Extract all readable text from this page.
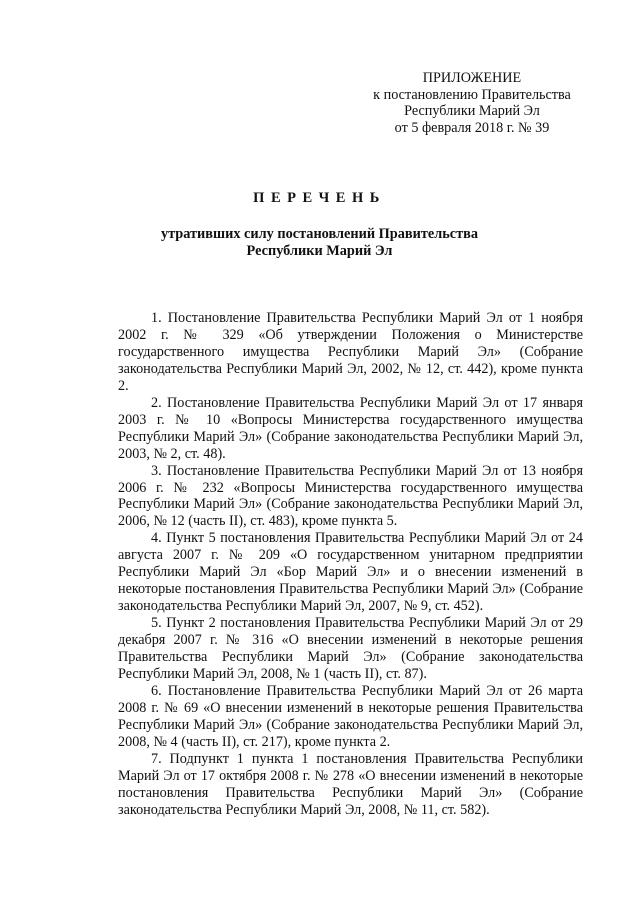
ПРИЛОЖЕНИЕ
к постановлению Правительства
Республики Марий Эл
от 5 февраля 2018 г. № 39
ПЕРЕЧЕНЬ
утративших силу постановлений Правительства
Республики Марий Эл

1. Постановление Правительства Республики Марий Эл от 1 ноября 2002 г. № 329 «Об утверждении Положения о Министерстве государственного имущества Республики Марий Эл» (Собрание законодательства Республики Марий Эл, 2002, № 12, ст. 442), кроме пункта 2.

2. Постановление Правительства Республики Марий Эл от 17 января 2003 г. № 10 «Вопросы Министерства государственного имущества Республики Марий Эл» (Собрание законодательства Республики Марий Эл, 2003, № 2, ст. 48).

3. Постановление Правительства Республики Марий Эл от 13 ноября 2006 г. № 232 «Вопросы Министерства государственного имущества Республики Марий Эл» (Собрание законодательства Республики Марий Эл, 2006, № 12 (часть II), ст. 483), кроме пункта 5.

4. Пункт 5 постановления Правительства Республики Марий Эл от 24 августа 2007 г. № 209 «О государственном унитарном предприятии Республики Марий Эл «Бор Марий Эл» и о внесении изменений в некоторые постановления Правительства Республики Марий Эл» (Собрание законодательства Республики Марий Эл, 2007, № 9, ст. 452).

5. Пункт 2 постановления Правительства Республики Марий Эл от 29 декабря 2007 г. № 316 «О внесении изменений в некоторые решения Правительства Республики Марий Эл» (Собрание законодательства Республики Марий Эл, 2008, № 1 (часть II), ст. 87).

6. Постановление Правительства Республики Марий Эл от 26 марта 2008 г. № 69 «О внесении изменений в некоторые решения Правительства Республики Марий Эл» (Собрание законодательства Республики Марий Эл, 2008, № 4 (часть II), ст. 217), кроме пункта 2.

7. Подпункт 1 пункта 1 постановления Правительства Республики Марий Эл от 17 октября 2008 г. № 278 «О внесении изменений в некоторые постановления Правительства Республики Марий Эл» (Собрание законодательства Республики Марий Эл, 2008, № 11, ст. 582).
